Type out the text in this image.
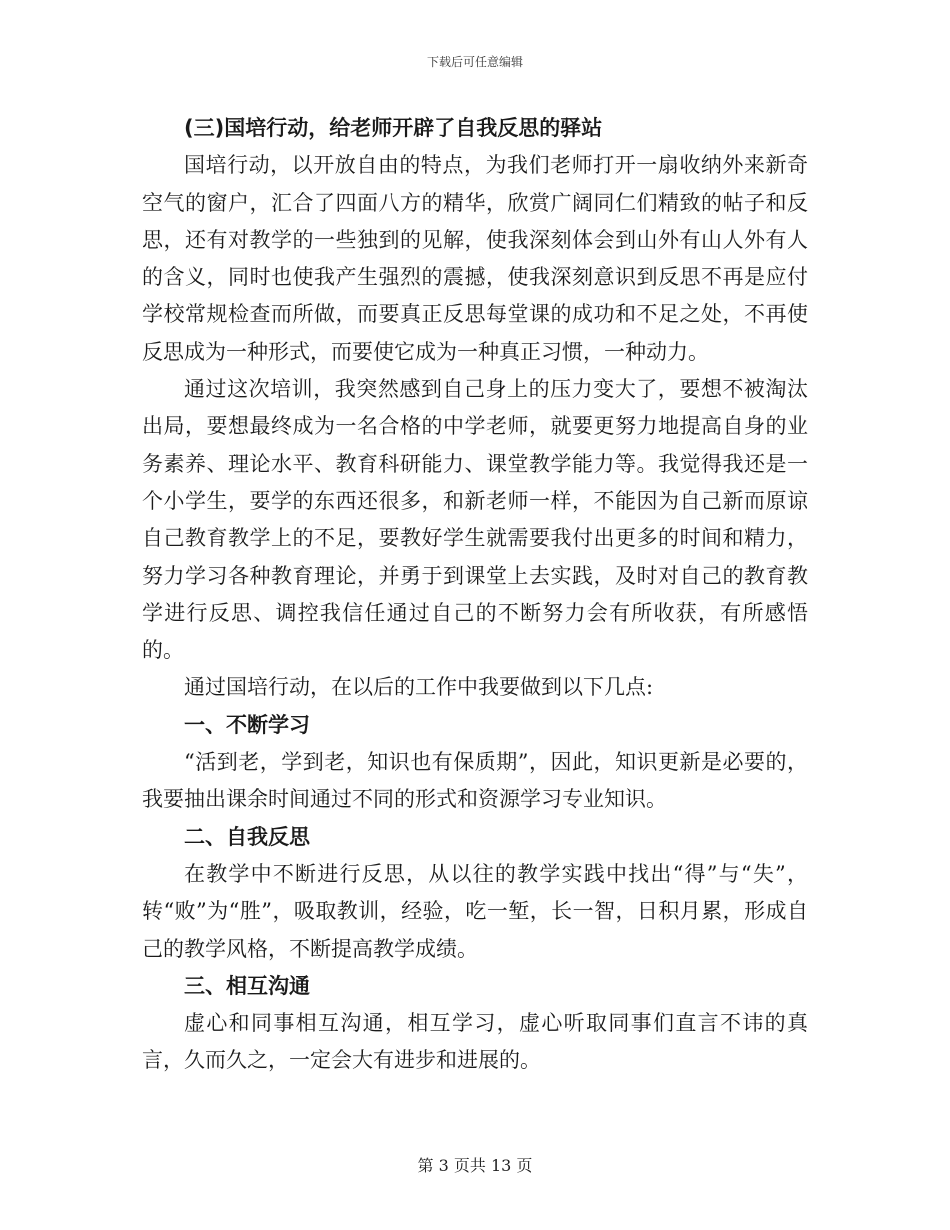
下载后可任意编辑

(三)国培行动，给老师开辟了自我反思的驿站

国培行动，以开放自由的特点，为我们老师打开一扇收纳外来新奇空气的窗户，汇合了四面八方的精华，欣赏广阔同仁们精致的帖子和反思，还有对教学的一些独到的见解，使我深刻体会到山外有山人外有人的含义，同时也使我产生强烈的震撼，使我深刻意识到反思不再是应付学校常规检查而所做，而要真正反思每堂课的成功和不足之处，不再使反思成为一种形式，而要使它成为一种真正习惯，一种动力。

通过这次培训，我突然感到自己身上的压力变大了，要想不被淘汰出局，要想最终成为一名合格的中学老师，就要更努力地提高自身的业务素养、理论水平、教育科研能力、课堂教学能力等。我觉得我还是一个小学生，要学的东西还很多，和新老师一样，不能因为自己新而原谅自己教育教学上的不足，要教好学生就需要我付出更多的时间和精力，努力学习各种教育理论，并勇于到课堂上去实践，及时对自己的教育教学进行反思、调控我信任通过自己的不断努力会有所收获，有所感悟的。

通过国培行动，在以后的工作中我要做到以下几点:

一、不断学习

“活到老，学到老，知识也有保质期”，因此，知识更新是必要的，我要抽出课余时间通过不同的形式和资源学习专业知识。

二、自我反思

在教学中不断进行反思，从以往的教学实践中找出“得”与“失”，转“败”为“胜”，吸取教训，经验，吃一堑，长一智，日积月累，形成自己的教学风格，不断提高教学成绩。

三、相互沟通

虚心和同事相互沟通，相互学习，虚心听取同事们直言不讳的真言，久而久之，一定会大有进步和进展的。

第 3 页共 13 页
